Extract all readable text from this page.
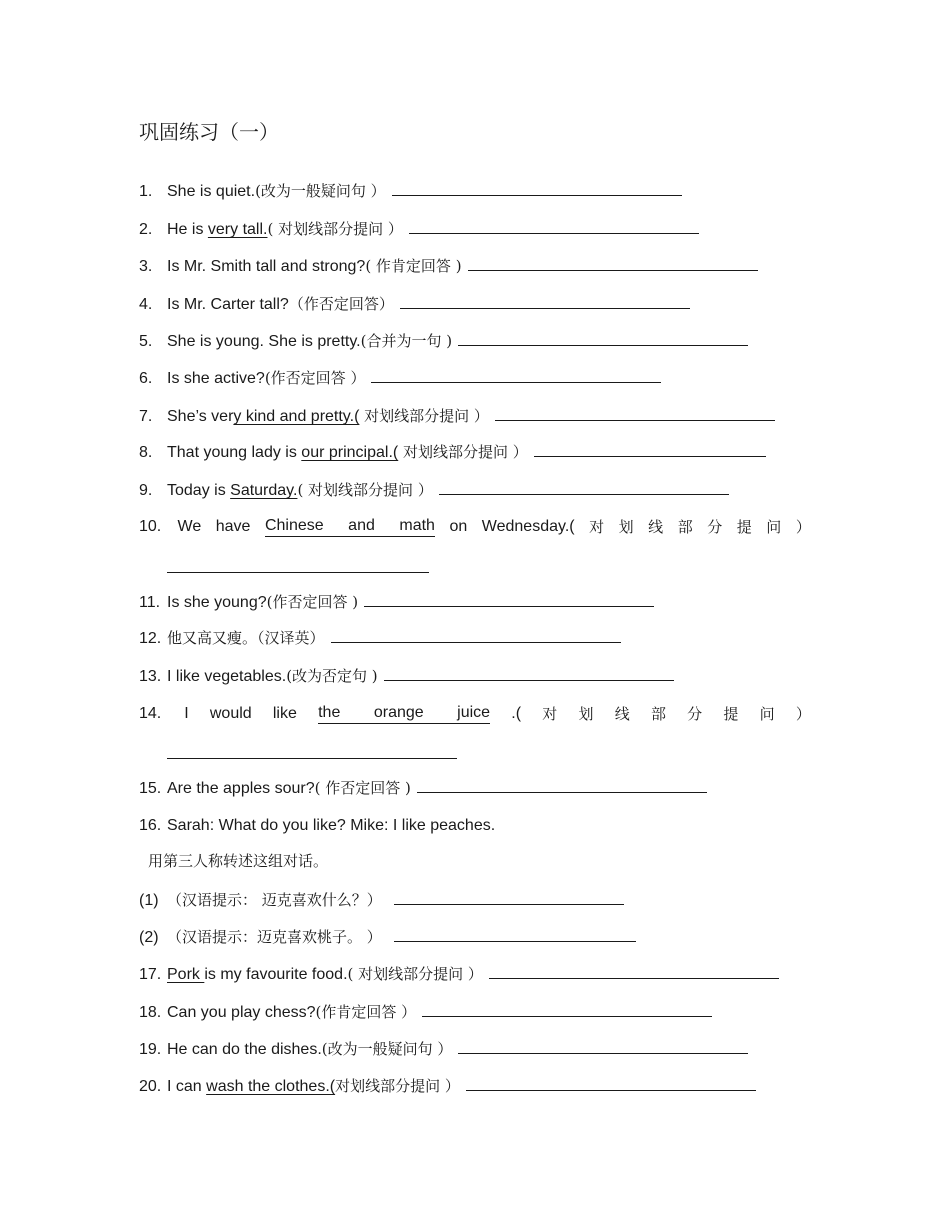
巩固练习（一）
1. She is quiet.(改为一般疑问句 ）
2. He is very tall.( 对划线部分提问 ）
3. Is Mr. Smith tall and strong?( 作肯定回答 )
4. Is Mr. Carter tall?（作否定回答）
5. She is young. She is pretty.(合并为一句 )
6. Is she active?(作否定回答 ）
7. She’s very kind and pretty.( 对划线部分提问 ）
8. That young lady is our principal.( 对划线部分提问 ）
9. Today is Saturday.( 对划线部分提问 ）
11. Is she young?(作否定回答 )
12. 他又高又瘦。（汉译英）
13. I like vegetables.(改为否定句 )
15. Are the apples sour?( 作否定回答 )
17. Pork is my favourite food.( 对划线部分提问 ）
18. Can you play chess?(作肯定回答 ）
19. He can do the dishes.(改为一般疑问句 ）
20. I can wash the clothes.(对划线部分提问 ）
10. We have Chinese and math on Wednesday.( 对 划 线 部 分 提 问 ）
14. I would like the orange juice .( 对 划 线 部 分 提 问 ）
16. Sarah: What do you like? Mike: I like peaches.
用第三人称转述这组对话。
(1) （汉语提示： 迈克喜欢什么？）
(2) （汉语提示：迈克喜欢桃子。 ）
